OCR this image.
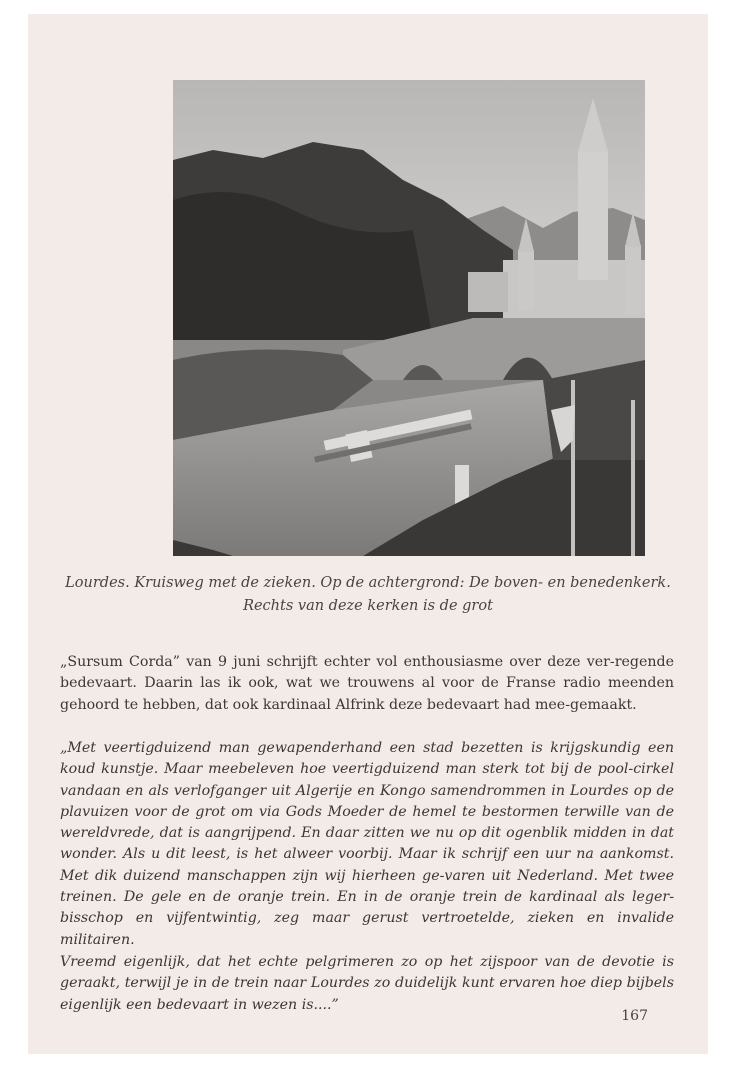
Lourdes. Kruisweg met de zieken. Op de achtergrond: De boven- en benedenkerk.
Rechts van deze kerken is de grot
„Sursum Corda” van 9 juni schrijft echter vol enthousiasme over deze ver-regende bedevaart. Daarin las ik ook, wat we trouwens al voor de Franse radio meenden gehoord te hebben, dat ook kardinaal Alfrink deze bedevaart had mee-gemaakt.
„Met veertigduizend man gewapenderhand een stad bezetten is krijgskundig een koud kunstje. Maar meebeleven hoe veertigduizend man sterk tot bij de pool-cirkel vandaan en als verlofganger uit Algerije en Kongo samendrommen in Lourdes op de plavuizen voor de grot om via Gods Moeder de hemel te bestormen terwille van de wereldvrede, dat is aangrijpend. En daar zitten we nu op dit ogenblik midden in dat wonder. Als u dit leest, is het alweer voorbij. Maar ik schrijf een uur na aankomst. Met dik duizend manschappen zijn wij hierheen ge-varen uit Nederland. Met twee treinen. De gele en de oranje trein. En in de oranje trein de kardinaal als leger-bisschop en vijfentwintig, zeg maar gerust vertroetelde, zieken en invalide militairen.
Vreemd eigenlijk, dat het echte pelgrimeren zo op het zijspoor van de devotie is geraakt, terwijl je in de trein naar Lourdes zo duidelijk kunt ervaren hoe diep bijbels eigenlijk een bedevaart in wezen is....”
167
